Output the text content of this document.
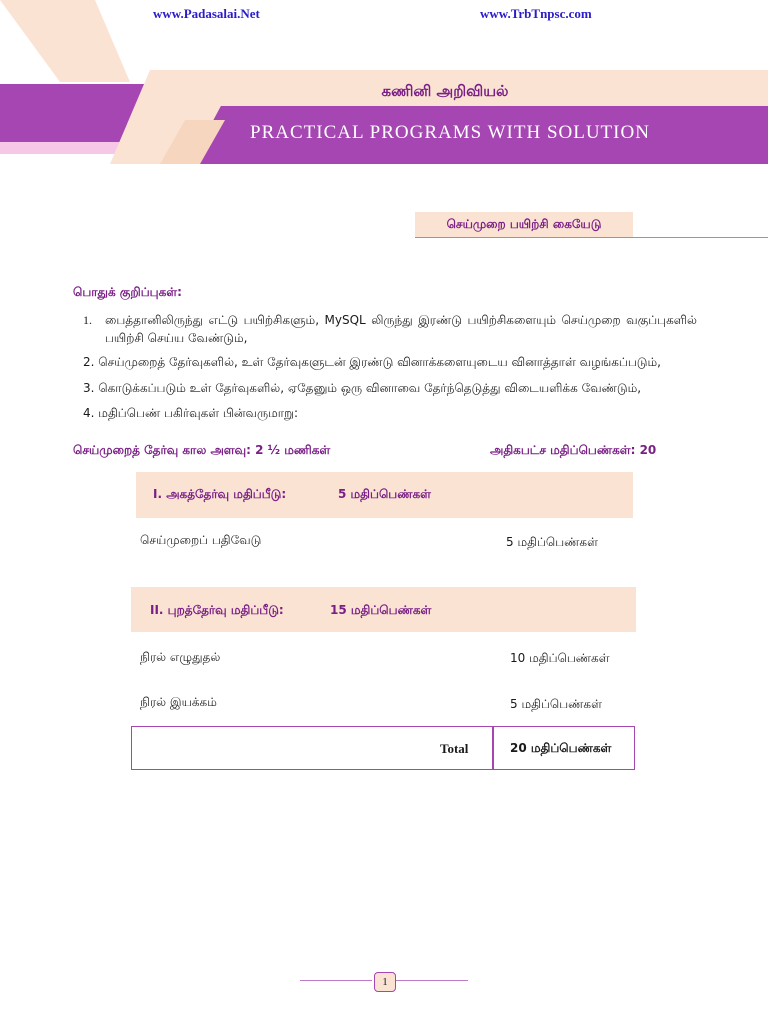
www.Padasalai.Net	www.TrbTnpsc.com
கணினி அறிவியல்
PRACTICAL PROGRAMS WITH SOLUTION
செய்முறை பயிற்சி கையேடு
பொதுக் குறிப்புகள்:
1. பைத்தானிலிருந்து எட்டு பயிற்சிகளும், MySQL லிருந்து இரண்டு பயிற்சிகளையும் செய்முறை வகுப்புகளில் பயிற்சி செய்ய வேண்டும்,
2. செய்முறைத் தேர்வுகளில், உள் தேர்வுகளுடன் இரண்டு வினாக்களையுடைய வினாத்தாள் வழங்கப்படும்,
3. கொடுக்கப்படும் உள் தேர்வுகளில், ஏதேனும் ஒரு வினாவை தேர்ந்தெடுத்து விடையளிக்க வேண்டும்,
4. மதிப்பெண் பகிர்வுகள் பின்வருமாறு:
செய்முறைத் தேர்வு கால அளவு: 2 ½ மணிகள்	அதிகபட்ச மதிப்பெண்கள்: 20
I. அகத்தேர்வு மதிப்பீடு:	5 மதிப்பெண்கள்
செய்முறைப் பதிவேடு	5 மதிப்பெண்கள்
II. புறத்தேர்வு மதிப்பீடு:	15 மதிப்பெண்கள்
நிரல் எழுதுதல்	10 மதிப்பெண்கள்
நிரல் இயக்கம்	5 மதிப்பெண்கள்
Total	20 மதிப்பெண்கள்
1
